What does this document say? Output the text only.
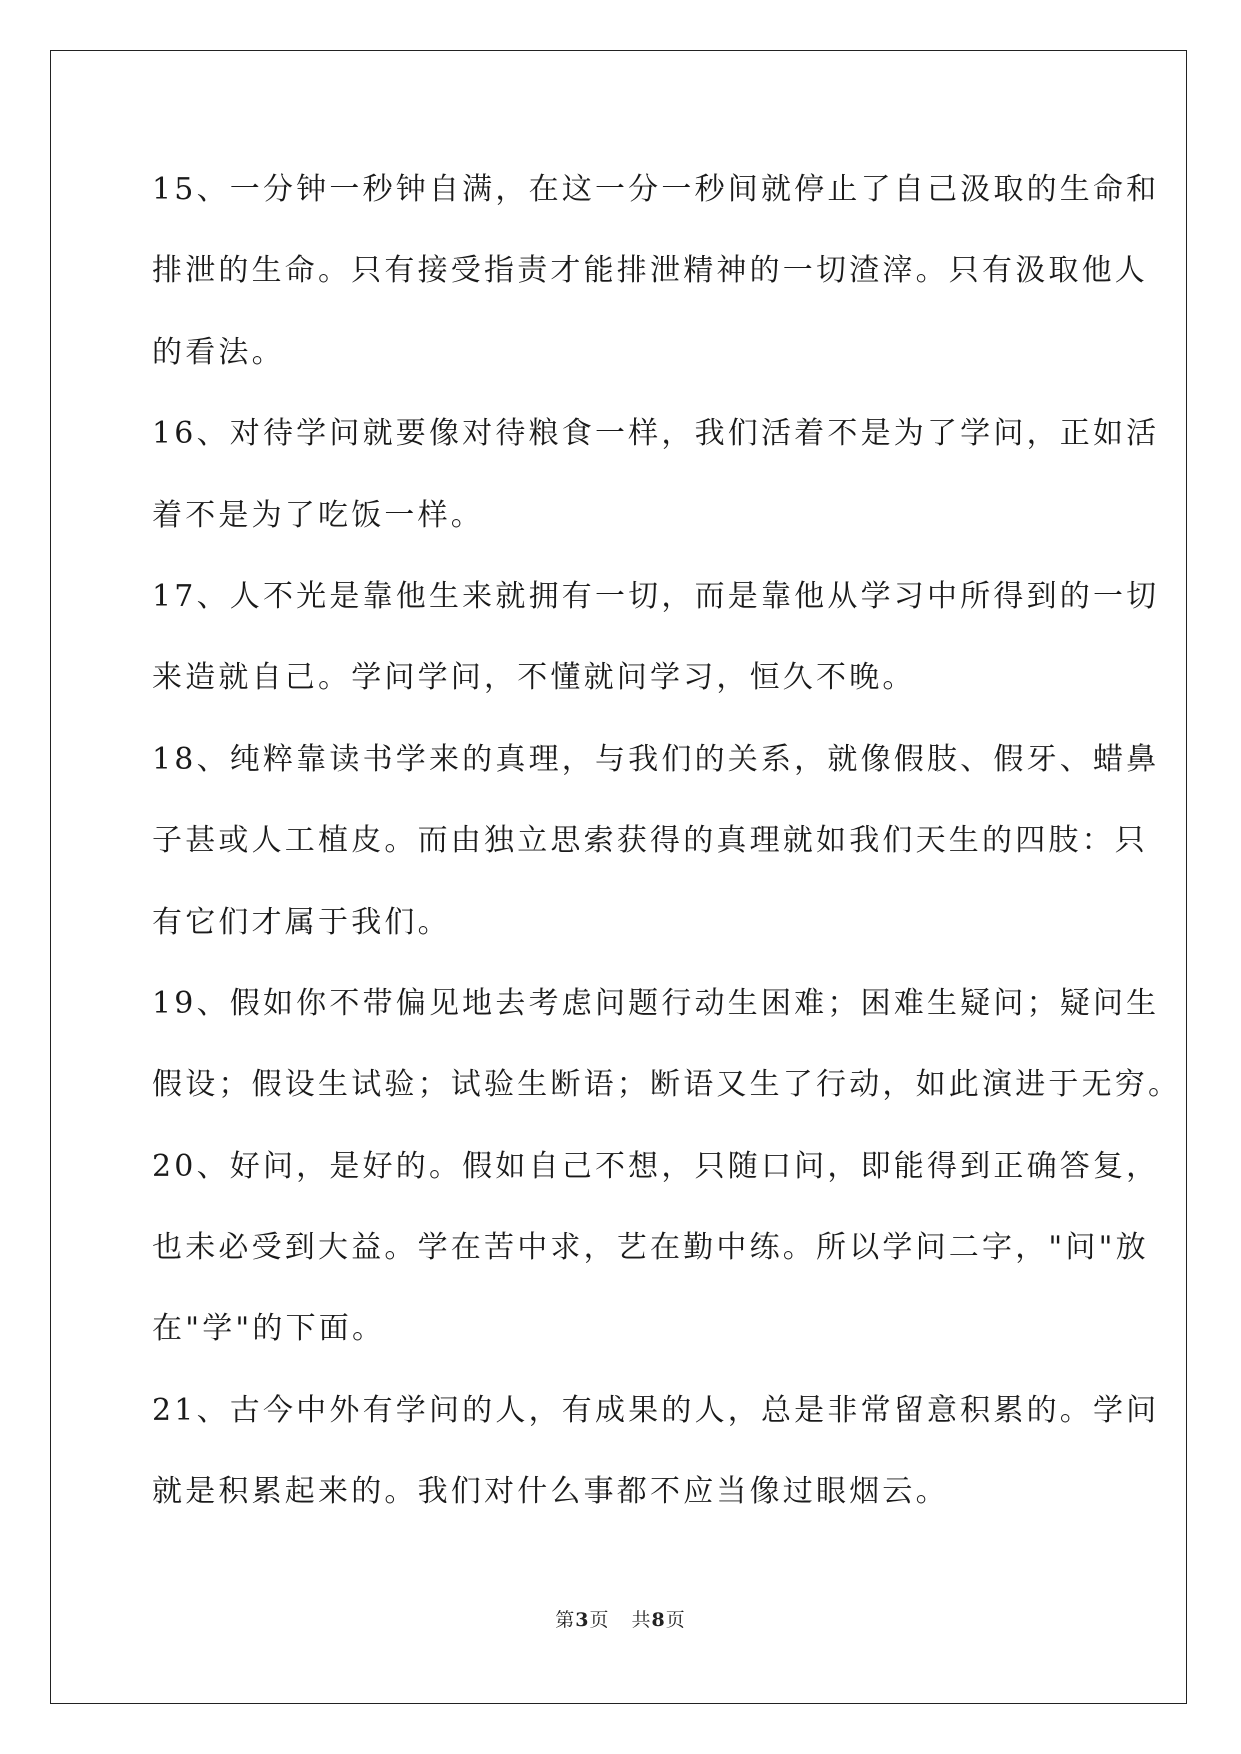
15、一分钟一秒钟自满，在这一分一秒间就停止了自己汲取的生命和
排泄的生命。只有接受指责才能排泄精神的一切渣滓。只有汲取他人
的看法。
16、对待学问就要像对待粮食一样，我们活着不是为了学问，正如活
着不是为了吃饭一样。
17、人不光是靠他生来就拥有一切，而是靠他从学习中所得到的一切
来造就自己。学问学问，不懂就问学习，恒久不晚。
18、纯粹靠读书学来的真理，与我们的关系，就像假肢、假牙、蜡鼻
子甚或人工植皮。而由独立思索获得的真理就如我们天生的四肢：只
有它们才属于我们。
19、假如你不带偏见地去考虑问题行动生困难；困难生疑问；疑问生
假设；假设生试验；试验生断语；断语又生了行动，如此演进于无穷。
20、好问，是好的。假如自己不想，只随口问，即能得到正确答复，
也未必受到大益。学在苦中求，艺在勤中练。所以学问二字，"问"放
在"学"的下面。
21、古今中外有学问的人，有成果的人，总是非常留意积累的。学问
就是积累起来的。我们对什么事都不应当像过眼烟云。
第3页 共8页
